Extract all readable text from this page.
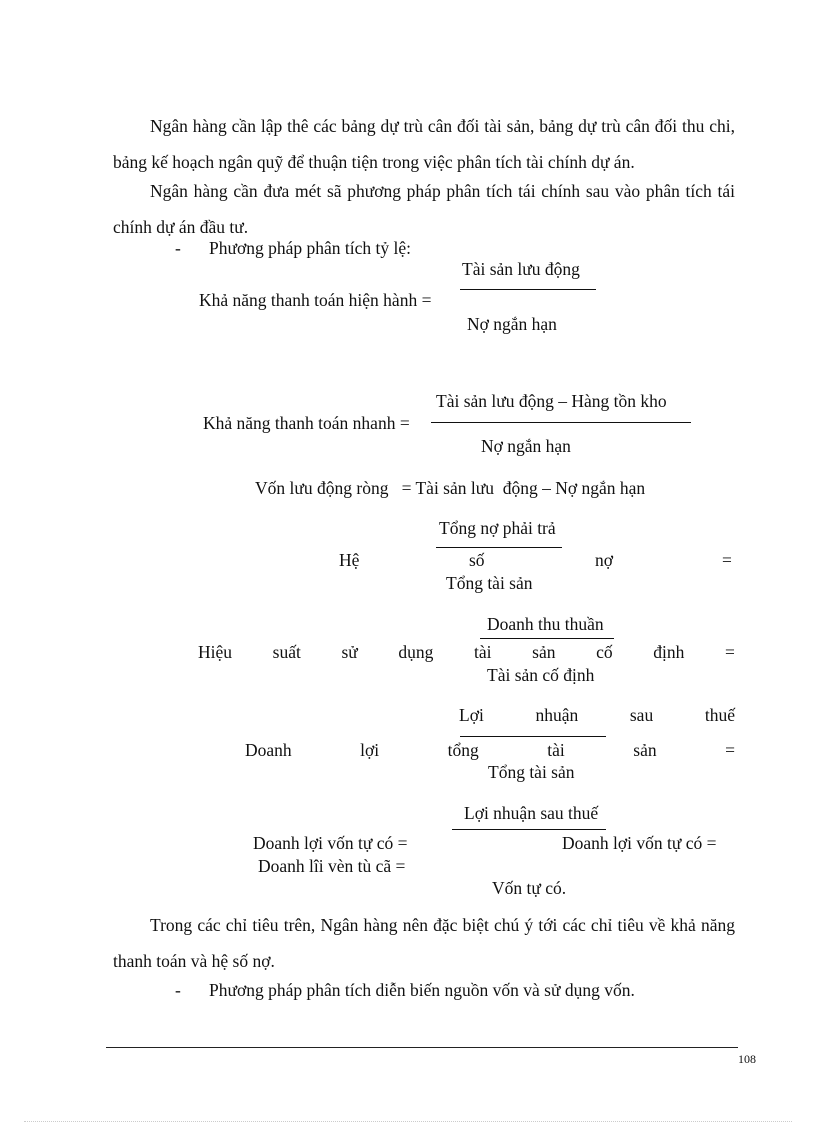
Ngân hàng cần lập thê các bảng dự trù cân đối tài sản, bảng dự trù cân đối thu chi, bảng kế hoạch ngân quỹ để thuận tiện trong việc phân tích tài chính dự án.
Ngân hàng cần đưa mét sã phương pháp phân tích tái chính sau vào phân tích tái chính dự án đầu tư.
- Phương pháp phân tích tỷ lệ:
Khả năng thanh toán hiện hành =
Tài sản lưu động
Nợ ngắn hạn
Khả năng thanh toán nhanh =
Tài sản lưu động – Hàng tồn kho
Nợ ngắn hạn
Vốn lưu động ròng   = Tài sản lưu  động – Nợ ngắn hạn
Tổng nợ phải trả
Hệ	số	nợ	=
Tổng tài sản
Doanh thu thuần
Hiệu suất sử dụng tài sản cố định =
Tài sản cố định
Lợi	nhuận	sau	thuế
Doanh	lợi	tổng	tài	sản	=
Tổng tài sản
Lợi nhuận sau thuế
Doanh lợi vốn tự có =	Doanh lợi vốn tự có =
Doanh lîi vèn tù cã =
Vốn tự có.
Trong các chỉ tiêu trên, Ngân hàng nên đặc biệt chú ý tới các chỉ tiêu về khả năng thanh toán và hệ số nợ.
- Phương pháp phân tích diễn biến nguồn vốn và sử dụng vốn.
108
